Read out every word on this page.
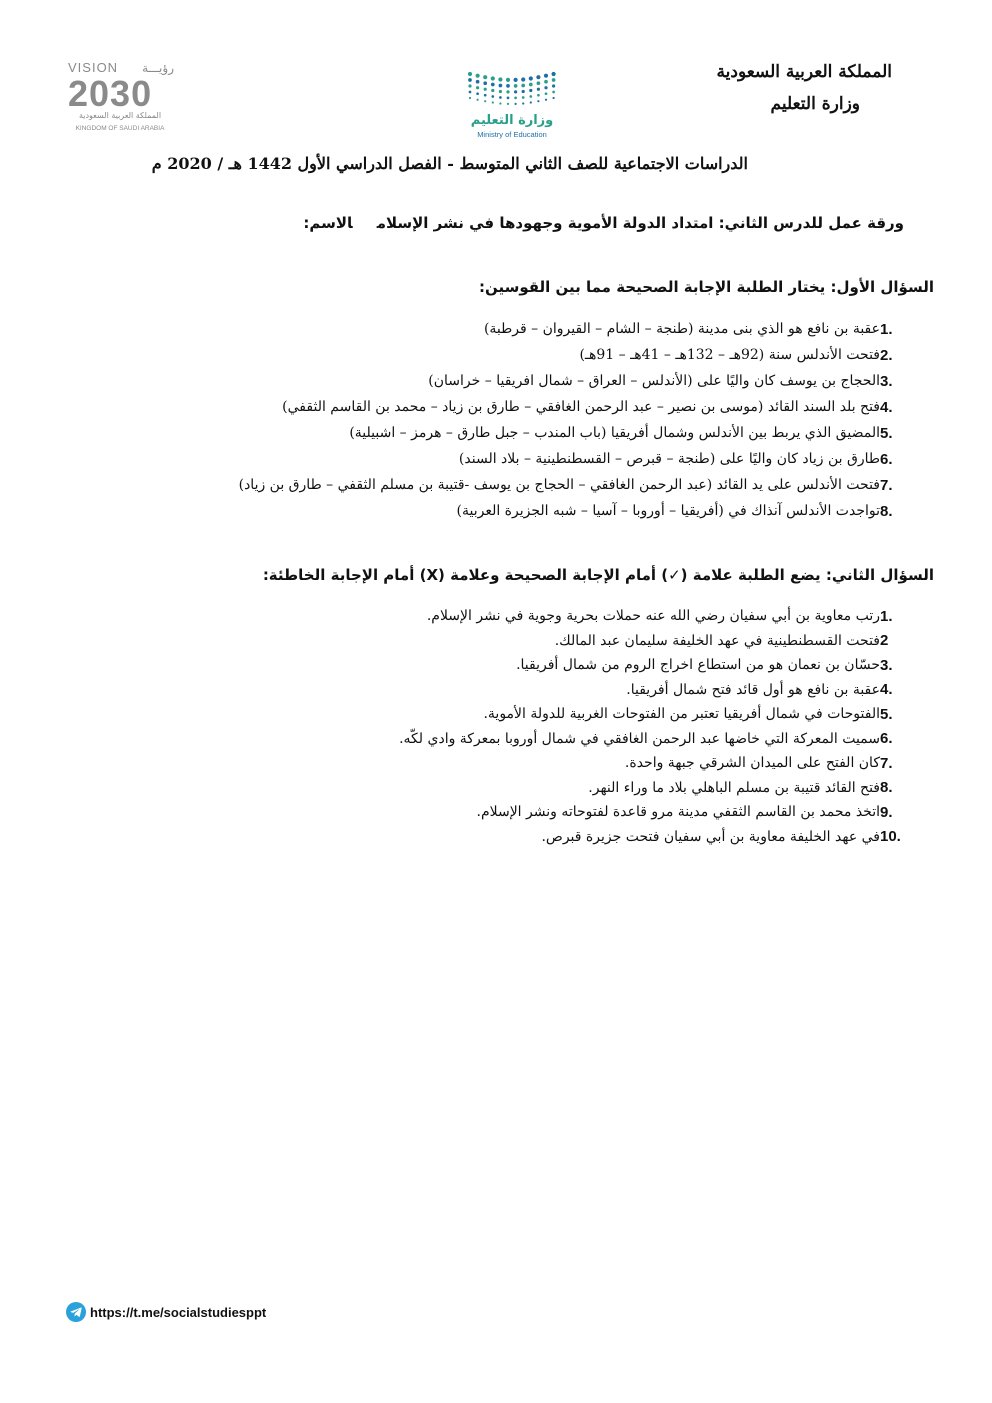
المملكة العربية السعودية
وزارة التعليم
VISION رؤيـــة
2030
المملكة العربية السعودية
KINGDOM OF SAUDI ARABIA
وزارة التعليم
Ministry of Education
الدراسات الاجتماعية للصف الثاني المتوسط - الفصل الدراسي الأول 1442 هـ / 2020 م
ورقة عمل للدرس الثاني: امتداد الدولة الأموية وجهودها في نشر الإسلامالاسم:
السؤال الأول: يختار الطلبة الإجابة الصحيحة مما بين القوسين:
1.
عقبة بن نافع هو الذي بنى مدينة (طنجة – الشام – القيروان – قرطبة)
2.
فتحت الأندلس سنة (92هـ – 132هـ – 41هـ – 91هـ)
3.
الحجاج بن يوسف كان واليًا على (الأندلس – العراق – شمال افريقيا – خراسان)
4.
فتح بلد السند القائد (موسى بن نصير – عبد الرحمن الغافقي – طارق بن زياد – محمد بن القاسم الثقفي)
5.
المضيق الذي يربط بين الأندلس وشمال أفريقيا (باب المندب – جبل طارق – هرمز – اشبيلية)
6.
طارق بن زياد كان واليًا على (طنجة – قبرص – القسطنطينية – بلاد السند)
7.
فتحت الأندلس على يد القائد (عبد الرحمن الغافقي – الحجاج بن يوسف -قتيبة بن مسلم الثقفي – طارق بن زياد)
8.
تواجدت الأندلس آنذاك في (أفريقيا – أوروبا – آسيا – شبه الجزيرة العربية)
السؤال الثاني: يضع الطلبة علامة (✓) أمام الإجابة الصحيحة وعلامة (X) أمام الإجابة الخاطئة:
1.
رتب معاوية بن أبي سفيان رضي الله عنه حملات بحرية وجوية في نشر الإسلام.
2
فتحت القسطنطينية في عهد الخليفة سليمان عبد المالك.
3.
حسّان بن نعمان هو من استطاع اخراج الروم من شمال أفريقيا.
4.
عقبة بن نافع هو أول قائد فتح شمال أفريقيا.
5.
الفتوحات في شمال أفريقيا تعتبر من الفتوحات الغربية للدولة الأموية.
6.
سميت المعركة التي خاضها عبد الرحمن الغافقي في شمال أوروبا بمعركة وادي لكّه.
7.
كان الفتح على الميدان الشرقي جبهة واحدة.
8.
فتح القائد قتيبة بن مسلم الباهلي بلاد ما وراء النهر.
9.
اتخذ محمد بن القاسم الثقفي مدينة مرو قاعدة لفتوحاته ونشر الإسلام.
10.
في عهد الخليفة معاوية بن أبي سفيان فتحت جزيرة قبرص.
https://t.me/socialstudiesppt
